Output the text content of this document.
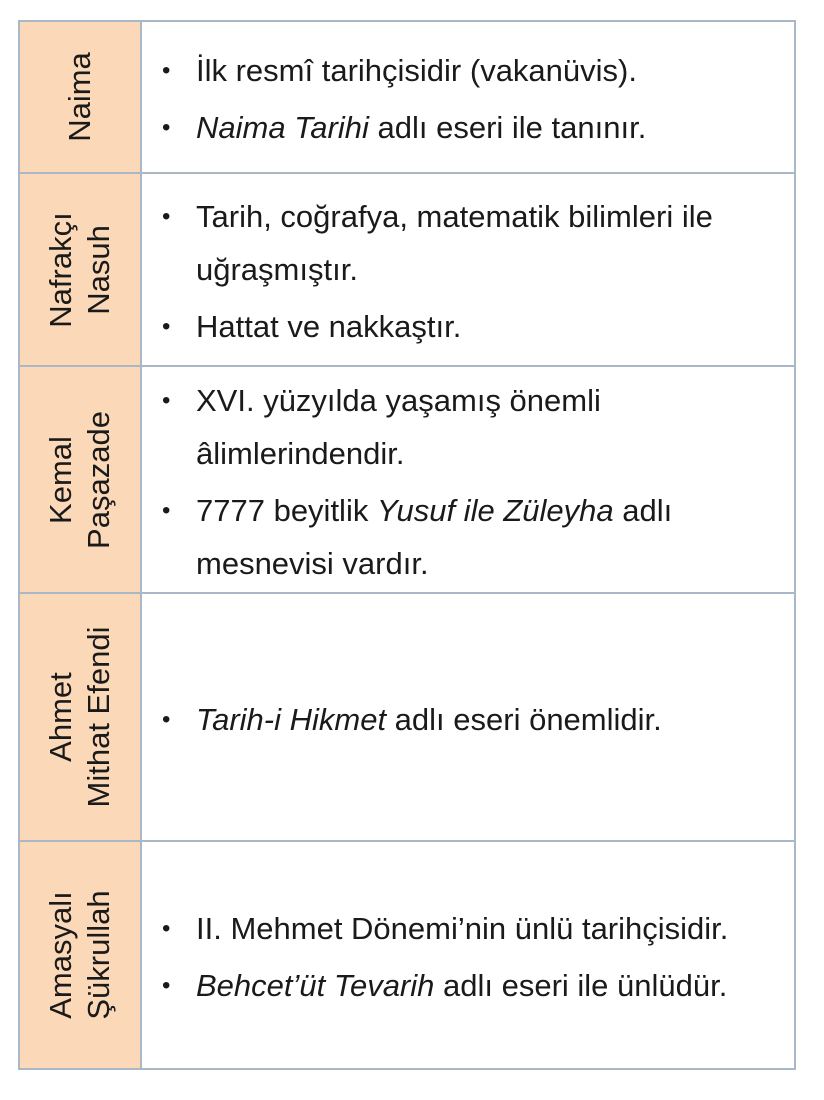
Naima	• İlk resmî tarihçisidir (vakanüvis).
• Naima Tarihi adlı eseri ile tanınır.
Nafrakçı Nasuh
• Tarih, coğrafya, matematik bilimleri ile uğraşmıştır.
• Hattat ve nakkaştır.
Kemal Paşazade
• XVI. yüzyılda yaşamış önemli âlimlerindendir.
• 7777 beyitlik Yusuf ile Züleyha adlı mesnevisi vardır.
Ahmet Mithat Efendi • Tarih-i Hikmet adlı eseri önemlidir.
Amasyalı Şükrullah • II. Mehmet Dönemi’nin ünlü tarihçisidir.
• Behcet’üt Tevarih adlı eseri ile ünlüdür.
